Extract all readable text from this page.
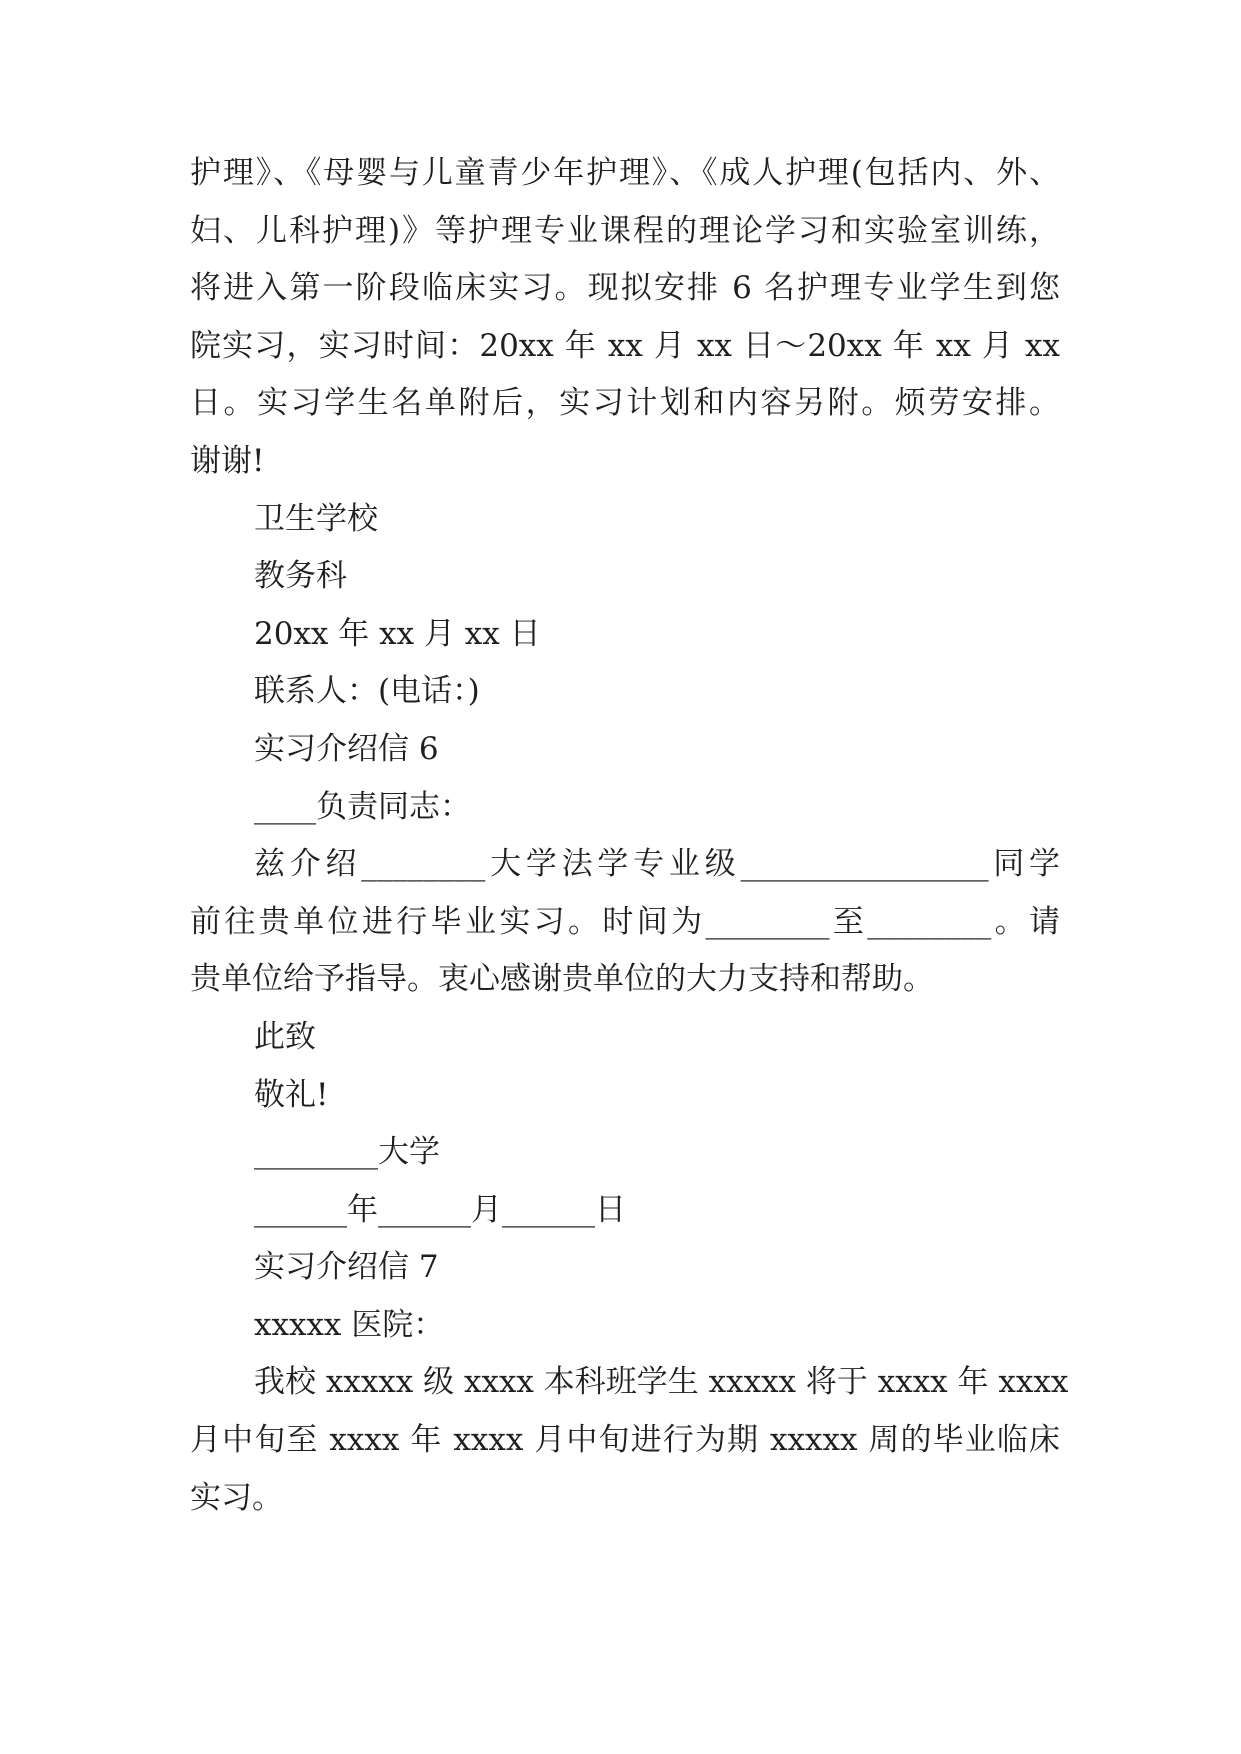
护理》、《母婴与儿童青少年护理》、《成人护理(包括内、外、
妇、儿科护理)》等护理专业课程的理论学习和实验室训练，
将进入第一阶段临床实习。现拟安排 6 名护理专业学生到您
院实习，实习时间：20xx 年 xx 月 xx 日～20xx 年 xx 月 xx
日。实习学生名单附后，实习计划和内容另附。烦劳安排。
谢谢!
卫生学校
教务科
20xx 年 xx 月 xx 日
联系人：(电话：)
实习介绍信 6
____负责同志：
兹介绍________大学法学专业级________________同学
前往贵单位进行毕业实习。时间为________至________。请
贵单位给予指导。衷心感谢贵单位的大力支持和帮助。
此致
敬礼!
________大学
______年______月______日
实习介绍信 7
xxxxx 医院：
我校 xxxxx 级 xxxx 本科班学生 xxxxx 将于 xxxx 年 xxxx
月中旬至 xxxx 年 xxxx 月中旬进行为期 xxxxx 周的毕业临床
实习。
